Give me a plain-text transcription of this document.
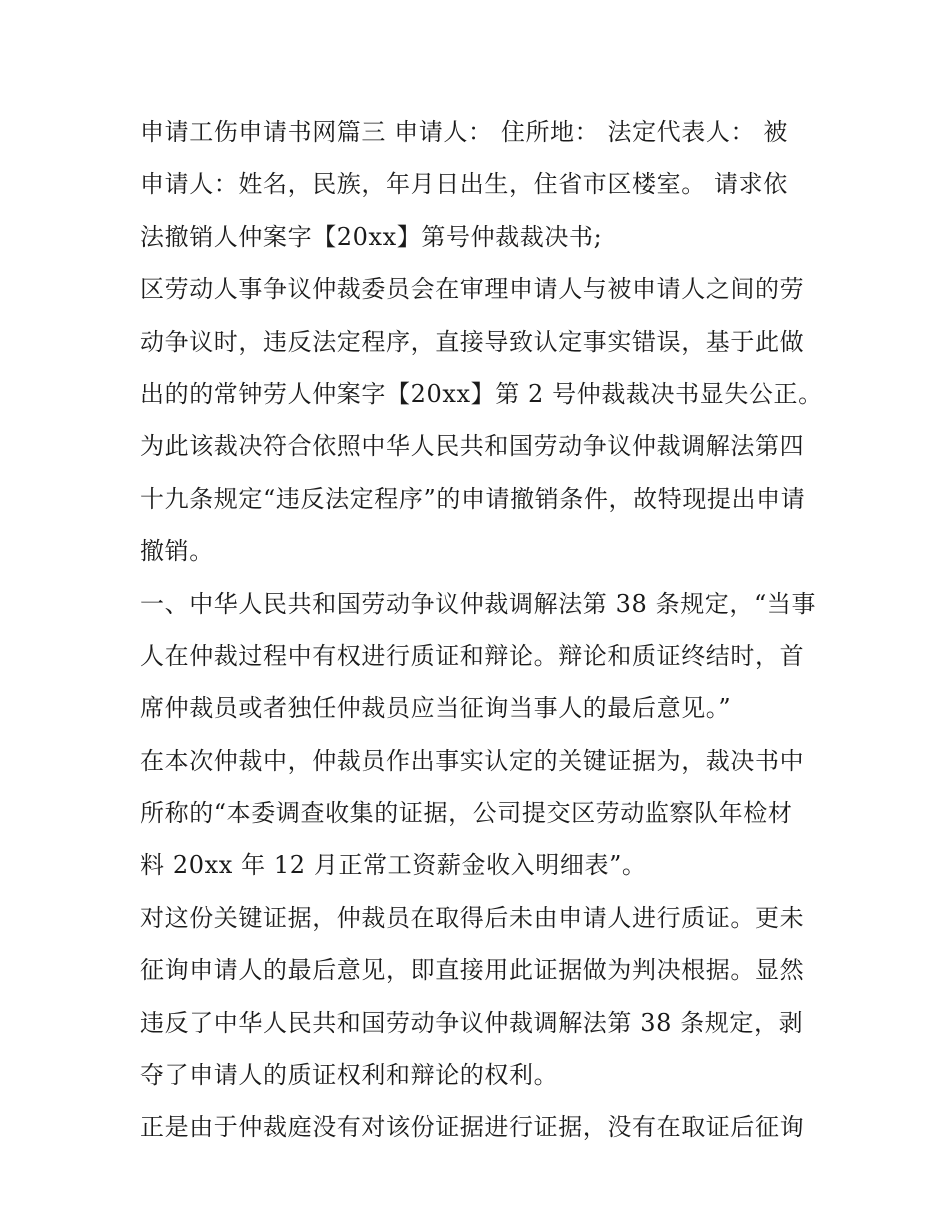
申请工伤申请书网篇三 申请人： 住所地： 法定代表人： 被
申请人：姓名，民族，年月日出生，住省市区楼室。 请求依
法撤销人仲案字【20xx】第号仲裁裁决书;
区劳动人事争议仲裁委员会在审理申请人与被申请人之间的劳
动争议时，违反法定程序，直接导致认定事实错误，基于此做
出的的常钟劳人仲案字【20xx】第 2 号仲裁裁决书显失公正。
为此该裁决符合依照中华人民共和国劳动争议仲裁调解法第四
十九条规定“违反法定程序”的申请撤销条件，故特现提出申请
撤销。
一、中华人民共和国劳动争议仲裁调解法第 38 条规定，“当事
人在仲裁过程中有权进行质证和辩论。辩论和质证终结时，首
席仲裁员或者独任仲裁员应当征询当事人的最后意见。”
在本次仲裁中，仲裁员作出事实认定的关键证据为，裁决书中
所称的“本委调查收集的证据，公司提交区劳动监察队年检材
料 20xx 年 12 月正常工资薪金收入明细表”。
对这份关键证据，仲裁员在取得后未由申请人进行质证。更未
征询申请人的最后意见，即直接用此证据做为判决根据。显然
违反了中华人民共和国劳动争议仲裁调解法第 38 条规定，剥
夺了申请人的质证权利和辩论的权利。
正是由于仲裁庭没有对该份证据进行证据，没有在取证后征询
